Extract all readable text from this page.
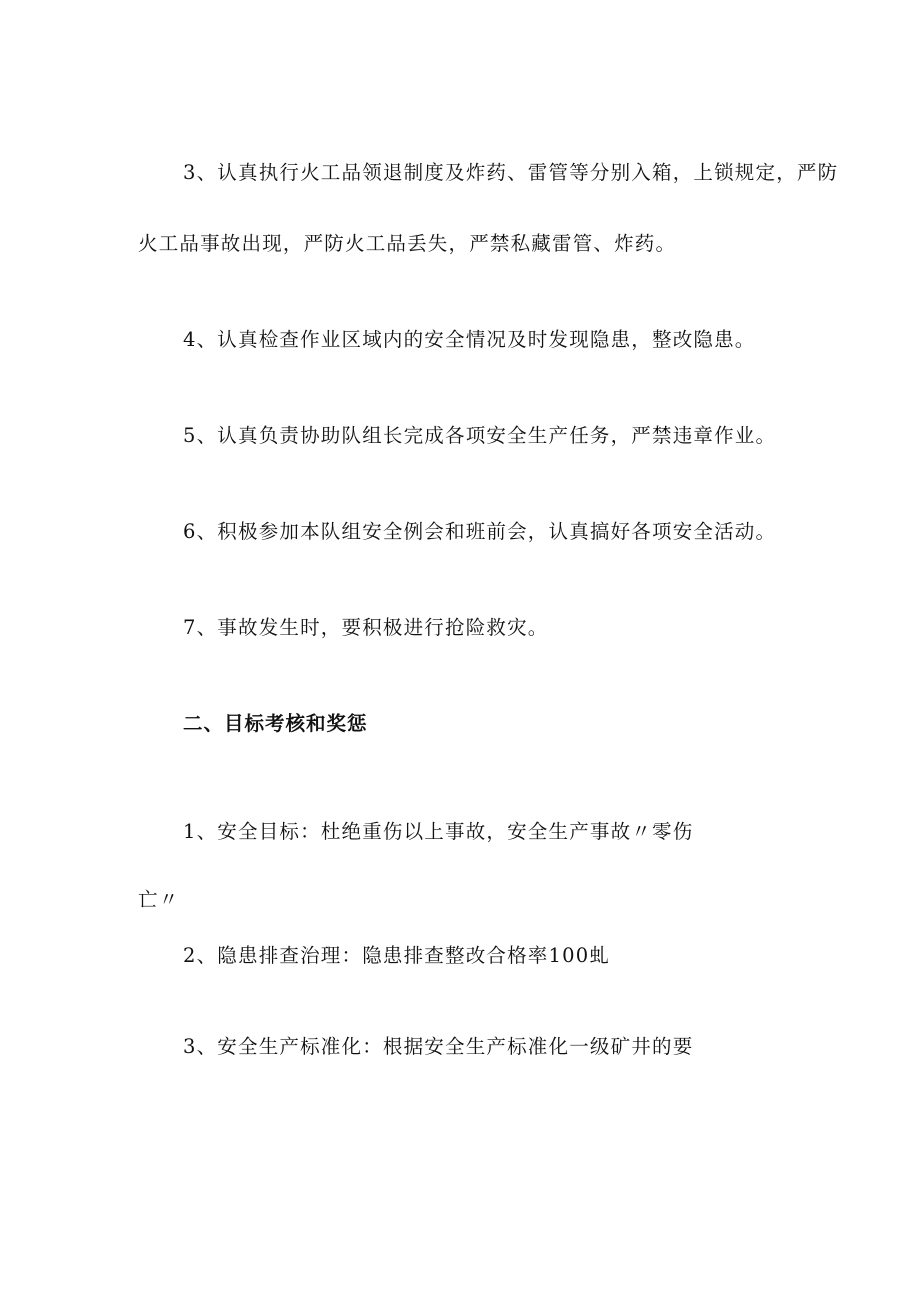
3、认真执行火工品领退制度及炸药、雷管等分别入箱，上锁规定，严防
火工品事故出现，严防火工品丢失，严禁私藏雷管、炸药。
4、认真检查作业区域内的安全情况及时发现隐患，整改隐患。
5、认真负责协助队组长完成各项安全生产任务，严禁违章作业。
6、积极参加本队组安全例会和班前会，认真搞好各项安全活动。
7、事故发生时，要积极进行抢险救灾。
二、目标考核和奖惩
1、安全目标：杜绝重伤以上事故，安全生产事故〃零伤
亡〃
2、隐患排查治理：隐患排查整改合格率100虬
3、安全生产标准化：根据安全生产标准化一级矿井的要
